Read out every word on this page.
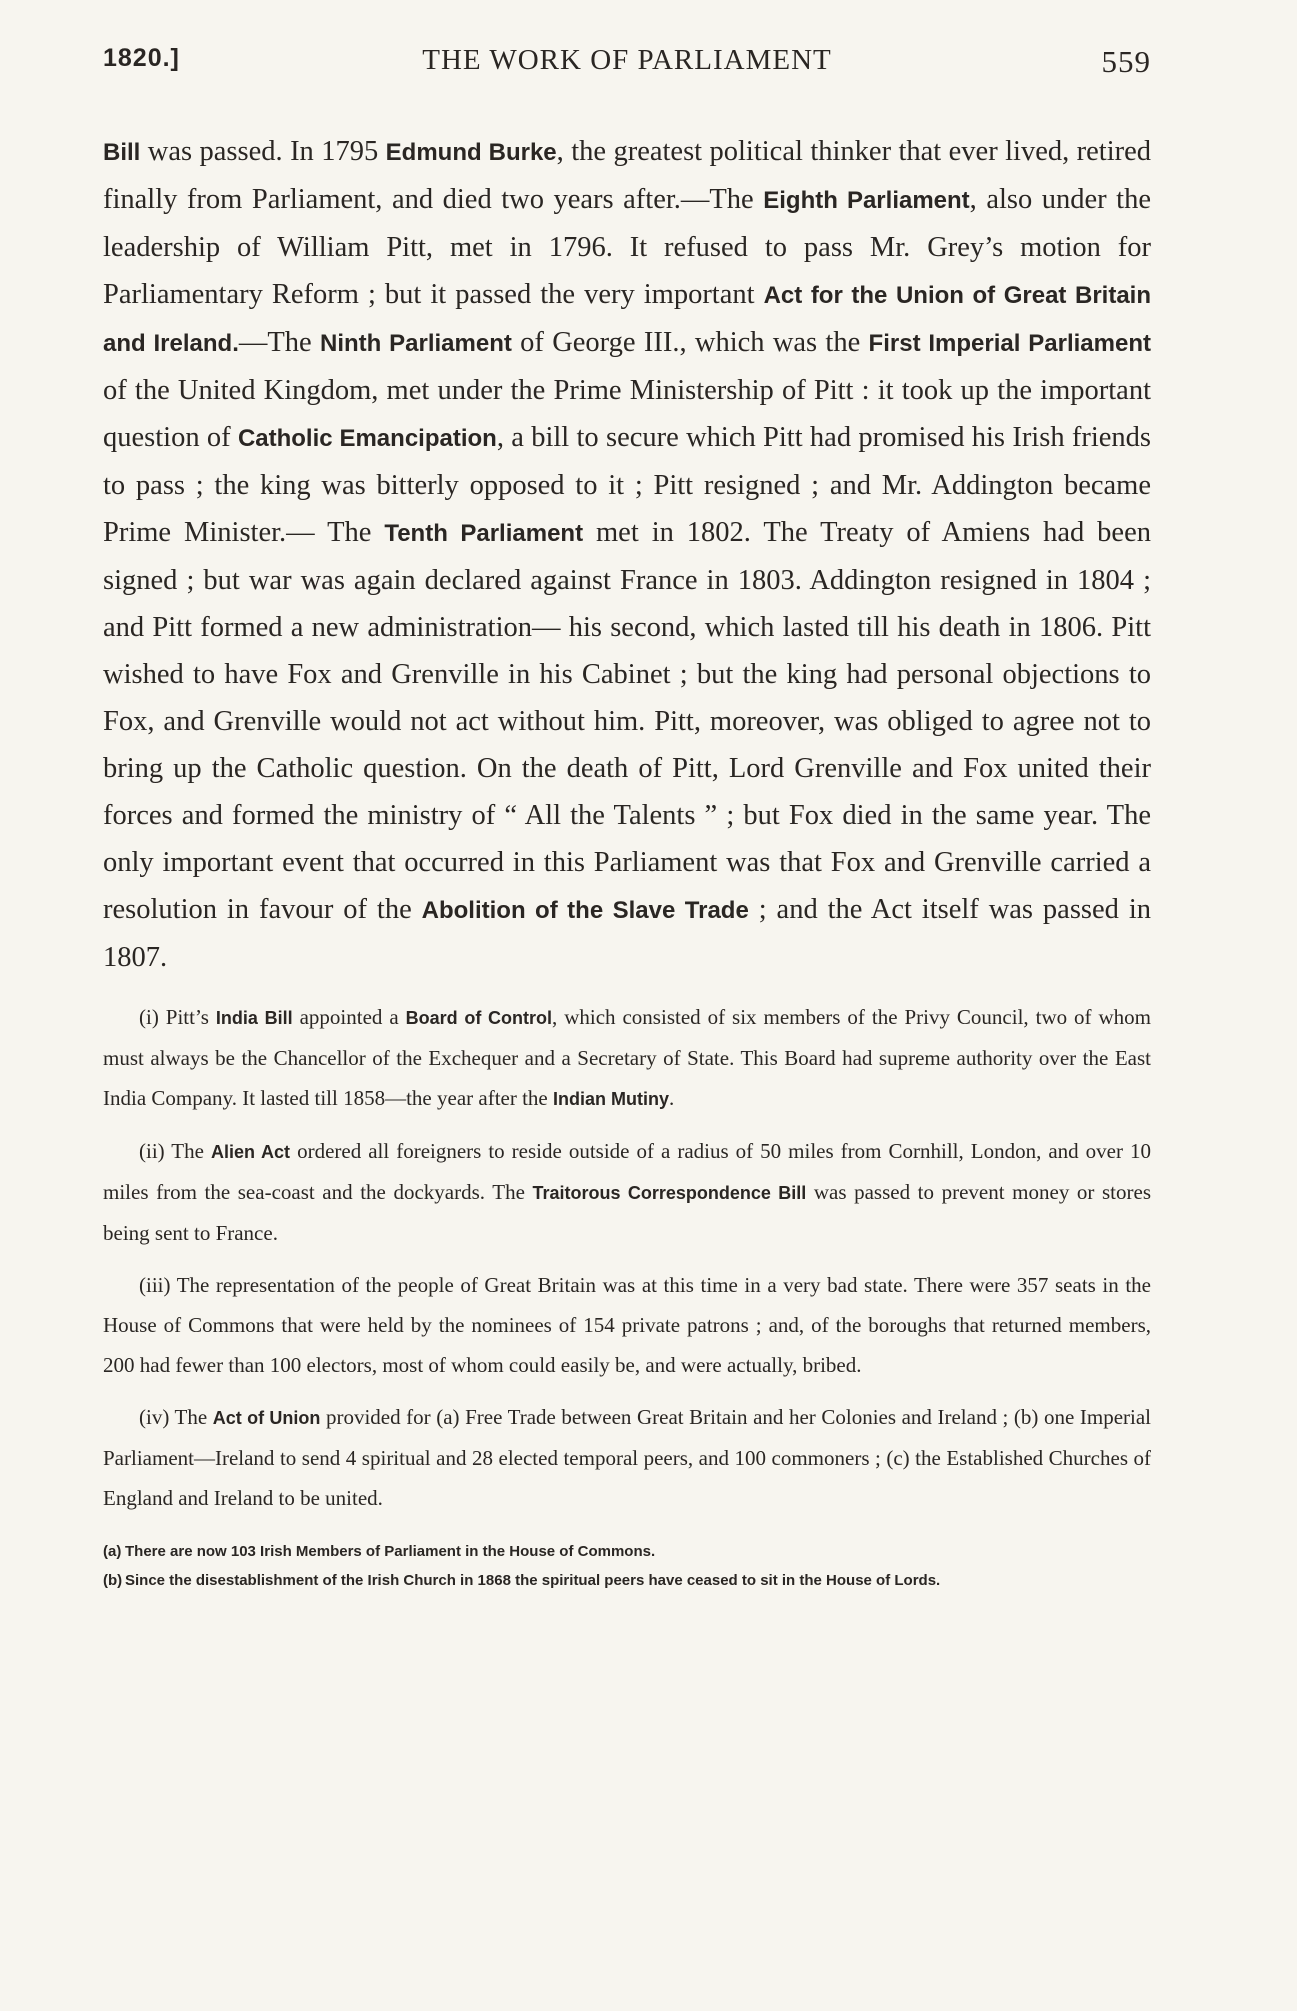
1820.]	THE WORK OF PARLIAMENT	559

Bill was passed. In 1795 Edmund Burke, the greatest political thinker that ever lived, retired finally from Parliament, and died two years after.—The Eighth Parliament, also under the leadership of William Pitt, met in 1796. It refused to pass Mr. Grey’s motion for Parliamentary Reform ; but it passed the very important Act for the Union of Great Britain and Ireland.—The Ninth Parliament of George III., which was the First Imperial Parliament of the United Kingdom, met under the Prime Ministership of Pitt : it took up the important question of Catholic Emancipation, a bill to secure which Pitt had promised his Irish friends to pass ; the king was bitterly opposed to it ; Pitt resigned ; and Mr. Addington became Prime Minister.— The Tenth Parliament met in 1802. The Treaty of Amiens had been signed ; but war was again declared against France in 1803. Addington resigned in 1804 ; and Pitt formed a new administration— his second, which lasted till his death in 1806. Pitt wished to have Fox and Grenville in his Cabinet ; but the king had personal objections to Fox, and Grenville would not act without him. Pitt, moreover, was obliged to agree not to bring up the Catholic question. On the death of Pitt, Lord Grenville and Fox united their forces and formed the ministry of “ All the Talents ” ; but Fox died in the same year. The only important event that occurred in this Parliament was that Fox and Grenville carried a resolution in favour of the Abolition of the Slave Trade ; and the Act itself was passed in 1807.

(i) Pitt’s India Bill appointed a Board of Control, which consisted of six members of the Privy Council, two of whom must always be the Chancellor of the Exchequer and a Secretary of State. This Board had supreme authority over the East India Company. It lasted till 1858—the year after the Indian Mutiny.

(ii) The Alien Act ordered all foreigners to reside outside of a radius of 50 miles from Cornhill, London, and over 10 miles from the sea-coast and the dockyards. The Traitorous Correspondence Bill was passed to prevent money or stores being sent to France.

(iii) The representation of the people of Great Britain was at this time in a very bad state. There were 357 seats in the House of Commons that were held by the nominees of 154 private patrons ; and, of the boroughs that returned members, 200 had fewer than 100 electors, most of whom could easily be, and were actually, bribed.

(iv) The Act of Union provided for (a) Free Trade between Great Britain and her Colonies and Ireland ; (b) one Imperial Parliament—Ireland to send 4 spiritual and 28 elected temporal peers, and 100 commoners ; (c) the Established Churches of England and Ireland to be united.

(a) There are now 103 Irish Members of Parliament in the House of Commons.
(b) Since the disestablishment of the Irish Church in 1868 the spiritual peers have ceased to sit in the House of Lords.
